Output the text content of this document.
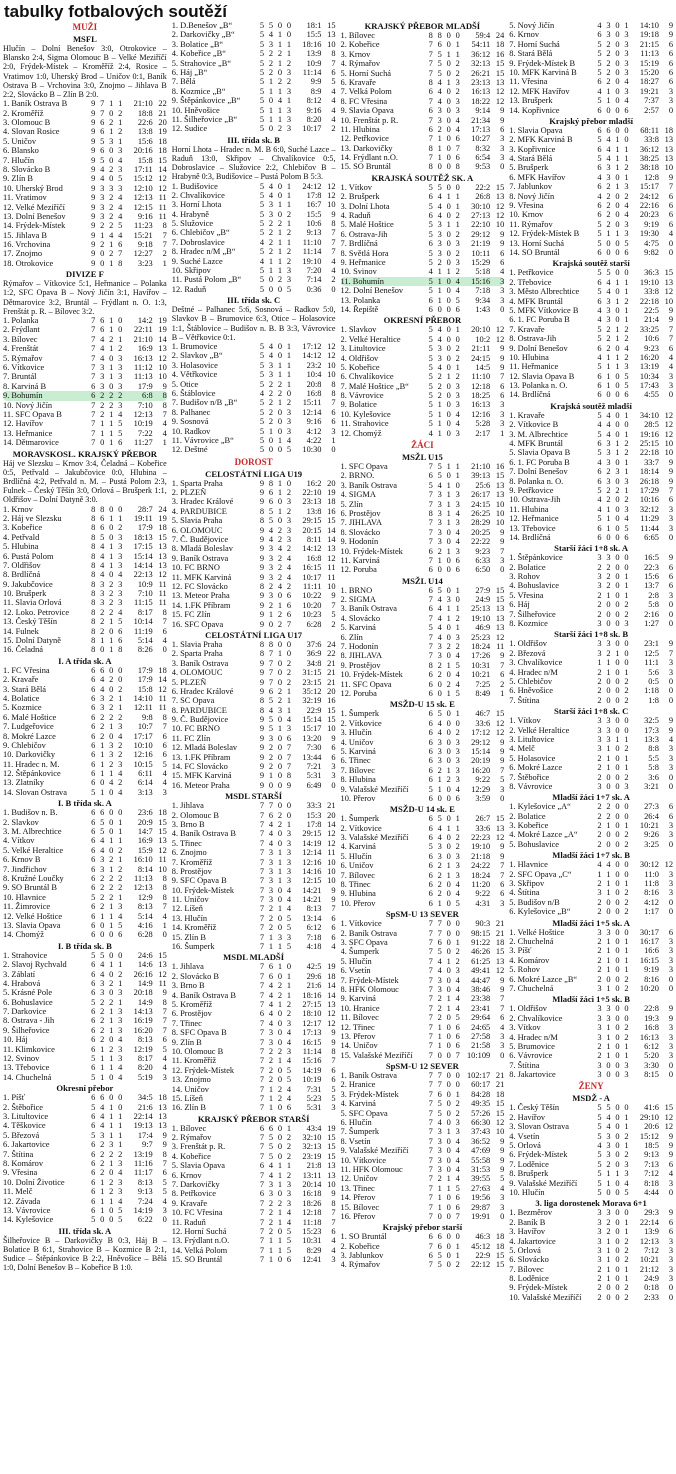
tabulky fotbalových soutěží
MUŽI
MSFL
Hlučín – Dolní Benešov 3:0, Otrokovice – Blansko 2:4, Sigma Olomouc B – Velké Meziříčí 2:0, Frýdek-Místek – Kroměříž 2:4, Rosice – Vratimov 1:0, Uherský Brod – Uničov 0:1, Baník Ostrava B – Vrchovina 3:0, Znojmo – Jihlava B 2:2, Slovácko B – Zlín B 2:0.
1. Baník Ostrava B	9 7 1 1	21:10 22
2. Kroměříž	9 7 0 2	18:8 21
3. Olomouc B	9 6 2 1	22:6 20
4. Slovan Rosice	9 6 1 2	13:8 19
5. Uničov	9 5 3 1	15:6 18
6. Blansko	9 6 0 3	20:16 18
7. Hlučín	9 5 0 4	15:8 15
8. Slovácko B	9 4 2 3	17:11 14
9. Zlín B	9 4 0 5	15:12 12
10. Uherský Brod	9 3 3 3	12:10 12
11. Vratimov	9 3 2 4	12:13 11
12. Velké Meziříčí	9 3 2 4	12:15 11
13. Dolní Benešov	9 3 2 4	9:16 11
14. Frýdek-Místek	9 2 2 5	11:23	8
15. Jihlava B	9 1 4 4	15:21	7
16. Vrchovina	9 2 1 6	9:18	7
17. Znojmo	9 0 2 7	12:27	2
18. Otrokovice	9 0 1 8	3:23	1
DIVIZE F
Rýmařov – Vítkovice 5:1, Heřmanice – Polanka 1:2, SFC Opava B – Nový Jičín 3:1, Havířov – Dětmarovice 3:2, Bruntál – Frýdlant n. O. 1:3, Frenštát p. R. – Bílovec 3:2.
1. Polanka	7 6 1 0	14:2 19
2. Frýdlant	7 6 1 0	22:11 19
3. Bílovec	7 4 2 1	21:10 14
4. Frenštát	7 4 1 2	16:9 13
5. Rýmařov	7 4 0 3	16:13 12
6. Vítkovice	7 3 1 3	11:12 10
7. Bruntál	7 3 1 3	11:13 10
8. Karviná B	6 3 0 3	17:9	9
9. Bohumín	6 2 2 2	6:8	8
10. Nový Jičín	7 2 2 3	7:10	8
11. SFC Opava B	7 2 1 4	12:13	7
12. Havířov	7 1 1 5	10:19	4
13. Heřmanice	7 1 1 5	7:22	4
14. Dětmarovice	7 0 1 6	11:27	1
MORAVSKOSL. KRAJSKÝ PŘEBOR
Háj ve Slezsku – Krnov 3:4, Čeladná – Kobeřice 0:5, Petřvald – Jakubčovice 0:0, Hlubina – Brdlíčná 4:2, Petřvald n. M. – Pustá Polom 2:3, Fulnek – Český Těšín 3:0, Orlová – Brušperk 1:1, Oldřišov – Dolní Datyně 3:0.
1. Krnov	8 8 0 0	28:7 24
2. Háj ve Slezsku	8 6 1 1	19:11 19
3. Kobeřice	8 6 0 2	17:9 18
4. Petřvald	8 5 0 3	18:13 15
5. Hlubina	8 4 1 3	17:15 13
6. Pustá Polom	8 4 1 3	15:14 13
7. Oldřišov	8 4 1 3	14:14 13
8. Brdlíčná	8 4 0 4	22:13 12
9. Jakubčovice	8 3 2 3	10:9 11
10. Brušperk	8 3 2 3	7:10 11
11. Slavia Orlová	8 3 2 3	11:15 11
12. Loko. Petrovice	8 2 2 4	8:17	8
13. Český Těšín	8 2 1 5	10:14	7
14. Fulnek	8 2 0 6	11:19	6
15. Dolní Datyně	8 1 1 6	5:14	4
16. Čeladná	8 0 1 8	8:26	0
I. A třída sk. A
1. FC Vřesina	6 6 0 0	17:9 18
2. Kravaře	6 4 2 0	17:9 14
3. Stará Bělá	6 4 0 2	15:8 12
4. Bolatice	6 3 2 1	14:10 11
5. Kozmice	6 3 2 1	12:11 11
6. Malé Hoštice	6 2 2 2	9:8	8
7. Ludgeřovice	6 2 1 3	10:7	7
8. Mokré Lazce	6 2 0 4	17:17	6
9. Chlebičov	6 1 3 2	10:10	6
10. Darkovičky	6 1 3 2	12:16	6
11. Hradec n. M.	6 1 2 3	10:15	5
12. Štěpánkovice	6 1 1 4	6:11	4
13. Zlatníky	6 0 4 2	6:14	4
14. Slovan Ostrava	5 1 0 4	3:13	3
I. B třída sk. A
1. Budišov n. B.	6 6 0 0	23:6 18
2. Slavkov	6 5 0 1	20:9 15
3. M. Albrechtice	6 5 0 1	14:7 15
4. Vítkov	6 4 1 1	16:9 13
5. Velké Heraltice	6 4 0 2	15:9 12
6. Krnov B	6 3 2 1	16:10 11
7. Jindřichov	6 3 1 2	8:14 10
8. Kružné Loučky	6 2 2 2	11:13	8
9. SO Bruntál B	6 2 2 2	12:13	8
10. Hlavnice	5 2 2 1	12:9	8
11. Žimrovice	6 2 1 3	8:13	7
12. Velké Hoštice	6 1 1 4	5:14	4
13. Slavia Opava	6 0 1 5	4:16	1
14. Chomýž	6 0 0 6	6:28	0
I. B třída sk. B
1. Strahovice	5 5 0 0	24:6 15
2. Slavoj Rychvald	6 4 1 1	14:6 13
3. Záblatí	6 4 0 2	26:16 12
4. Hrabová	6 3 2 1	14:9 11
5. Krásné Pole	6 3 0 3	20:18	9
6. Bohuslavice	5 2 2 1	14:9	8
7. Darkovice	6 2 1 3	14:13	7
8. Ostrava - Jih	6 2 1 3	16:19	7
9. Šilheřovice	6 2 1 3	16:20	7
10. Háj	6 2 0 4	8:13	6
11. Klimkovice	6 1 2 3	12:19	5
12. Svinov	5 1 1 3	8:17	4
13. Třebovice	6 1 1 4	8:20	4
14. Chuchelná	5 1 0 4	5:19	3
Okresní přebor
1. Píšť	6 6 0 0	34:5 18
2. Štěbořice	5 4 1 0	21:6 13
3. Litultovice	6 4 1 1	22:14 13
4. Těškovice	6 4 1 1	19:13 13
5. Březová	5 3 1 1	17:4	9
6. Jakartovice	6 2 3 1	9:7	9
7. Štítina	6 2 2 2	13:19	8
8. Komárov	6 2 1 3	11:16	7
9. Vřesina	6 2 0 4	11:17	6
10. Dolní Životice	6 1 2 3	8:13	5
11. Melč	6 1 2 3	9:13	5
12. Závada	6 1 1 4	7:24	4
13. Vávrovice	6 1 0 5	14:19	3
14. Kylešovice	5 0 0 5	6:22	0
III. třída sk. A
Šilheřovice B – Darkovičky B 0:3, Háj B – Bolatice B 6:1, Strahovice B – Kozmice B 2:1, Sudice – Štěpánkovice B 2:2, Hněvošice – Bělá 1:0, Dolní Benešov B – Kobeřice B 1:0.
1. D.Benešov „B“	5 5 0 0	18:1 15
2. Darkovičky „B“	5 4 1 0	15:5 13
3. Bolatice „B“	5 3 1 1	18:16 10
4. Kobeřice „B“	5 2 2 1	13:9	8
5. Strahovice „B“	5 2 1 2	10:9	7
6. Háj „B“	5 2 0 3	11:14	6
7. Bělá	5 1 2 2	9:9	5
8. Kozmice „B“	5 1 1 3	8:9	4
9. Štěpánkovice „B“	5 0 4 1	8:12	4
10. Hněvošice	5 1 1 3	9:16	4
11. Šilheřovice „B“	5 1 1 3	8:20	4
12. Sudice	5 0 2 3	10:17	2
III. třída sk. B
Horní Lhota – Hradec n. M. B 6:0, Suché Lazce – Raduň 13:0, Skřipov – Chvalíkovice 0:5, Dobroslavice – Služovice 2:2, Chlebičov B – Hrabyně 0:3, Budišovice – Pustá Polom B 5:3.
1. Budišovice	5 4 0 1	24:12 12
2. Chvalíkovice	5 4 0 1	17:8 12
3. Horní Lhota	5 3 1 1	16:7 10
4. Hrabyně	5 3 0 2	15:5	9
5. Služovice	5 2 2 1	10:6	8
6. Chlebičov „B“	5 2 1 2	9:13	7
7. Dobroslavice	4 2 1 1	11:10	7
8. Hradec n/M „B“	5 2 1 2	11:14	7
9. Suché Lazce	4 1 1 2	19:10	4
10. Skřipov	5 1 1 3	7:20	4
11. Pustá Polom „B“	5 0 2 3	7:14	2
12. Raduň	5 0 0 5	0:36	0
III. třída sk. C
Deštné – Palhanec 5:6, Sosnová – Radkov 5:0, Slavkov B – Brumovice 6:3, Otice – Holasovice 1:1, Štáblovice – Budišov n. B. B 3:3, Vávrovice B – Větřkovice 0:1.
1. Brumovice	5 4 0 1	17:12 12
2. Slavkov „B“	5 4 0 1	14:12 12
3. Holasovice	5 3 1 1	23:2 10
4. Větřkovice	5 3 1 1	10:4 10
5. Otice	5 2 2 1	20:8	8
6. Štáblovice	4 2 2 0	16:8	8
7. Budišov n/B „B“	5 2 1 2	15:11	7
8. Palhanec	5 2 0 3	12:14	6
9. Sosnová	5 2 0 3	9:16	6
10. Radkov	5 1 0 3	4:12	3
11. Vávrovice „B“	5 0 1 4	4:22	1
12. Deštné	5 0 0 5	10:30	0
DOROST
CELOSTÁTNÍ LIGA U19
1. Sparta Praha	9 8 1 0	16:2 20
2. PLZEŇ	9 6 1 2	22:10 19
3. Hradec Králové	9 6 0 3	23:13 18
4. PARDUBICE	8 5 1 2	13:8 16
5. Slavia Praha	8 5 0 3	29:15 15
6. OLOMOUC	9 4 2 3	20:15 14
7. Č. Budějovice	9 4 2 3	8:11 14
8. Mladá Boleslav	9 3 4 2	14:12 13
9. Baník Ostrava	9 3 2 4	16:8 12
10. FC BRNO	9 3 2 4	16:15 11
11. MFK Karviná	9 3 2 4	10:17 11
12. FC Slovácko	8 2 4 2	11:11 10
13. Meteor Praha	9 3 0 6	10:22	9
14. 1.FK Příbram	9 2 1 6	10:20	7
15. FC Zlín	9 1 2 6	10:23	5
16. SFC Opava	9 0 2 7	6:28	2
CELOSTÁTNÍ LIGA U17
1. Slavia Praha	8 8 0 0	37:6 24
2. Sparta Praha	8 7 1 0	36:9 22
3. Baník Ostrava	9 7 0 2	34:8 21
4. OLOMOUC	9 7 0 2	31:15 21
5. PLZEŇ	9 7 0 2	23:15 21
6. Hradec Králové	9 6 2 1	35:12 20
7. SC Opava	8 5 2 1	32:19 16
8. PARDUBICE	8 4 3 1	22:9 15
9. Č. Budějovice	9 5 0 4	15:14 15
10. FC BRNO	9 5 1 3	15:17 10
11. FC Zlín	9 3 0 6	13:20	9
12. Mladá Boleslav	9 2 0 7	7:30	6
13. 1.FK Příbram	9 2 0 7	13:44	6
14. FC Slovácko	9 2 0 7	7:21	3
15. MFK Karviná	9 1 0 8	5:31	3
16. Meteor Praha	9 0 0 9	6:49	0
MSDL STARŠÍ
1. Jihlava	7 7 0 0	33:3 21
2. Olomouc B	7 6 2 0	15:3 20
3. Brno B	7 4 2 1	17:8 14
4. Baník Ostrava B	7 4 0 3	29:15 12
5. Třinec	7 4 0 3	14:19 12
6. Znojmo	7 3 1 3	12:14 11
7. Kroměříž	7 3 1 3	12:16 10
8. Prostějov	7 3 1 3	14:16 10
9. SFC Opava B	7 3 1 3	12:15 10
10. Frýdek-Místek	7 3 0 4	14:21	9
11. Uničov	7 3 0 4	14:21	9
12. Líšeň	7 2 1 4	8:13	7
13. Hlučín	7 2 0 5	13:14	6
14. Kroměříž	7 2 0 5	6:12	6
15. Zlín B	7 1 3 3	7:18	6
16. Šumperk	7 1 1 5	4:18	4
MSDL MLADŠÍ
1. Jihlava	7 6 1 0	42:5 19
2. Slovácko B	7 6 0 1	29:6 18
3. Brno B	7 4 2 1	21:6 14
4. Baník Ostrava B	7 4 2 1	18:16 14
5. Kroměříž	7 4 1 2	27:15 13
6. Prostějov	6 4 0 2	18:10 12
7. Třinec	7 4 0 3	12:17 12
8. SFC Opava B	7 3 0 4	17:13	9
9. Zlín B	7 3 0 4	16:15	9
10. Olomouc B	7 2 2 3	11:14	8
11. Kroměříž	7 2 1 4	15:16	7
12. Frýdek-Místek	7 2 0 5	14:19	6
13. Znojmo	7 2 0 5	10:19	6
14. Uničov	7 1 2 4	7:31	5
15. Líšeň	7 1 2 4	5:23	5
16. Zlín B	7 1 0 6	5:31	3
KRAJSKÝ PŘEBOR STARŠÍ
1. Bílovec	6 6 0 1	43:4 19
2. Rýmařov	7 5 0 2	32:10 15
3. Frenštát p. R.	7 5 0 2	32:13 15
4. Kobeřice	7 5 0 2	23:19 15
5. Slavia Opava	6 4 1 1	21:8 13
6. Krnov	7 4 1 2	13:11 13
7. Darkovičky	7 3 1 3	20:14 10
8. Petřkovice	6 3 0 3	16:18	9
9. Kravaře	7 2 2 3	18:26	8
10. FC Vřesina	7 2 1 4	12:18	7
11. Raduň	7 2 1 4	11:18	7
12. Horní Suchá	7 2 0 5	15:23	6
13. Frýdlant n.O.	7 1 1 5	10:31	4
14. Velká Polom	7 1 1 5	8:29	4
15. SO Bruntál	7 1 0 6	12:41	3
KRAJSKÝ PŘEBOR MLADŠÍ
1. Bílovec	8 8 0 0	59:4 24
2. Kobeřice	7 6 0 1	54:11 18
3. Krnov	7 5 1 1	36:12 16
4. Rýmařov	7 5 0 2	32:13 15
5. Horní Suchá	7 5 0 2	26:21 15
6. Kravaře	8 4 1 3	23:13 13
7. Velká Polom	6 4 0 2	16:13 12
8. FC Vřesina	7 4 0 3	18:22 12
9. Slavia Opava	6 3 0 3	9:14	9
10. Frenštát p. R.	7 3 0 4	21:34	9
11. Hlubina	6 2 0 4	17:13	6
12. Petřkovice	7 1 0 6	10:27	3
13. Darkovičky	8 1 0 7	8:32	3
14. Frýdlant n.O.	7 1 0 6	6:54	3
15. SO Bruntál	8 0 0 8	9:53	0
KRAJSKÁ SOUTĚŽ SK. A
1. Vítkov	5 5 0 0	22:2 15
2. Brušperk	6 4 1 1	26:8 13
3. Dolní Lhota	5 4 0 1	30:10 12
4. Raduň	6 4 0 2	27:13 12
5. Malé Hoštice	5 3 1 1	22:10 10
6. Ostrava-Jih	5 3 0 2	29:12	9
7. Brdlíčná	6 3 0 3	21:19	9
8. Světlá Hora	5 3 0 2	10:11	6
9. Heřmanice	5 2 0 3	15:29	6
10. Svinov	4 1 1 2	5:18	4
11. Bohumín	5 1 0 4	15:16	3
12. Dolní Benešov	5 1 0 4	7:18	3
13. Polanka	6 1 0 5	9:34	3
14. Řepiště	6 0 0 6	1:43	0
OKRESNÍ PŘEBOR
1. Slavkov	5 4 0 1	20:10 12
2. Velké Heraltice	5 4 0 0	10:2 12
3. Litultovice	5 3 0 2	21:11	9
4. Oldřišov	5 3 0 2	24:15	9
5. Kobeřice	5 4 0 1	14:5	9
6. Chvalíkovice	5 2 1 2	11:10	7
7. Malé Hoštice „B“	5 2 0 3	12:18	6
8. Vávrovice	5 2 0 3	18:25	6
9. Bolatice	5 1 0 3	16:13	3
10. Kylešovice	5 1 0 4	12:16	3
11. Strahovice	5 1 0 4	5:28	3
12. Chomýž	4 1 0 3	2:17	1
ŽÁCI
MSŽL U15
1. SFC Opava	7 5 1 1	21:10 16
2. BRNO.	6 5 0 1	39:13 15
3. Baník Ostrava	5 4 1 0	25:6 13
4. SIGMA	7 3 1 3	26:17 13
5. Zlín	7 3 1 3	24:15 10
6. Prostějov	8 3 1 4	26:25 10
7. JIHLAVA	7 3 1 3	28:29 10
8. Slovácko	7 3 0 4	20:25	9
9. Hodonín	7 3 0 4	22:22	9
10. Frýdek-Místek	6 2 1 3	9:23	7
11. Karviná	7 1 0 6	6:33	3
12. Poruba	6 0 0 6	6:50	0
MSŽL U14
1. BRNO	6 5 0 1	27:9 15
2. SIGMA	7 4 3 0	24:9 15
3. Baník Ostrava	6 4 1 1	25:13 13
4. Slovácko	7 4 1 2	19:10 13
5. Karviná	5 4 0 1	46:9 13
6. Zlín	7 4 0 3	25:23 12
7. Hodonín	7 3 2 2	18:24 11
8. JIHLAVA	7 3 0 4	17:26	9
9. Prostějov	8 2 1 5	10:31	7
10. Frýdek-Místek	6 2 0 4	10:21	6
11. SFC Opava	6 0 2 4	7:25	2
12. Poruba	6 0 1 5	8:49	1
MSŽD-U 15 sk. E
1. Šumperk	6 5 0 1	46:7 15
2. Vítkovice	6 4 0 0	33:6 12
3. Hlučín	6 4 0 2	17:12 12
4. Uničov	6 3 0 3	29:12	9
5. Karviná	6 3 0 3	15:14	9
6. Třinec	6 3 0 3	20:19	9
7. Bílovec	6 2 1 3	16:20	7
8. Hlubina	6 1 2 3	9:22	5
9. Valašské Meziříčí	5 1 0 4	12:29	3
10. Přerov	6 0 0 6	3:59	0
MSŽD-U 14 sk. E
1. Šumperk	6 5 0 1	26:7 15
2. Vítkovice	6 4 1 1	33:6 13
3. Valašské Meziříčí	6 4 0 2	22:23 12
4. Karviná	5 3 0 2	19:10	9
5. Hlučín	6 3 0 3	21:18	9
6. Uničov	6 2 1 3	24:22	7
7. Bílovec	6 2 1 3	18:24	7
8. Třinec	6 2 0 4	11:20	6
9. Hlubina	6 2 0 4	9:22	6
10. Přerov	6 1 0 5	4:31	3
SpSM-U 13 SEVER
1. Vítkovice	7 7 0 0	90:3 21
2. Baník Ostrava	7 7 0 0	98:15 21
3. SFC Opava	7 6 0 1	91:22 18
4. Šumperk	7 5 0 2	46:26 15
5. Hlučín	7 4 1 2	61:25 13
6. Vsetín	7 4 0 3	49:41 12
7. Frýdek-Místek	7 3 0 4	44:47	9
8. HFK Olomouc	7 3 0 4	38:46	9
9. Karviná	7 2 1 4	23:38	7
10. Hranice	7 2 1 4	23:41	7
11. Bílovec	7 2 0 5	29:64	6
12. Třinec	7 1 0 6	24:65	4
13. Přerov	7 1 0 6	27:58	3
14. Uničov	7 1 0 6	21:58	3
15. Valašské Meziříčí	7 0 0 7 10:109	0
SpSM-U 12 SEVER
1. Baník Ostrava	7 7 0 0 102:17 21
2. Hranice	7 7 0 0	60:17 21
3. Frýdek-Místek	7 6 0 1	84:28 18
4. Karviná	7 5 0 2	49:35 15
5. SFC Opava	7 5 0 2	57:26 15
6. Hlučín	7 4 0 3	66:30 12
7. Šumperk	7 3 1 3	37:43 10
8. Vsetín	7 3 0 4	36:52	9
9. Valašské Meziříčí	7 3 0 4	47:69	9
10. Vítkovice	7 3 0 4	55:58	9
11. HFK Olomouc	7 3 0 4	31:53	9
12. Uničov	7 2 1 4	39:55	5
13. Třinec	7 1 1 5	27:63	4
14. Přerov	7 1 0 6	19:56	3
15. Bílovec	7 1 0 6	29:87	3
16. Přerov	7 0 0 7	19:91	0
Krajský přebor starší
1. SO Bruntál	6 6 0 0	46:3 18
2. Kobeřice	7 6 0 1	45:12 18
3. Jablunkov	6 5 0 1	22:9 15
4. Rýmařov	7 5 0 2	22:12 15
5. Nový Jičín	4 3 0 1	14:10	9
6. Krnov	6 3 0 3	19:18	9
7. Horní Suchá	5 2 0 3	21:15	6
8. Stará Bělá	5 2 0 3	11:13	6
9. Frýdek-Místek B	5 2 0 3	15:19	6
10. MFK Karviná B	5 2 0 3	15:20	6
11. Vřesina	6 2 0 4	18:27	6
12. MFK Havířov	4 1 0 3	19:21	3
13. Brušperk	5 1 0 4	7:37	3
14. Kopřivnice	6 0 0 6	2:57	0
Krajský přebor mladší
1. Slavia Opava	6 6 0 0	68:11 18
2. MFK Karviná B	5 4 1 0	33:8 13
3. Kopřivnice	6 4 1 1	36:12 13
4. Stará Bělá	5 4 1 1	38:25 13
5. Brušperk	6 3 1 2	38:18 10
6. MFK Havířov	4 3 0 1	12:8	9
7. Jablunkov	6 2 1 3	15:17	7
8. Nový Jičín	4 2 0 2	24:12	6
9. Vřesina	6 2 0 4	22:16	6
10. Krnov	6 2 0 4	20:23	6
11. Rýmařov	5 2 0 3	9:19	6
12. Frýdek-Místek B	5 1 1 3	19:30	4
13. Horní Suchá	5 0 0 5	4:75	0
14. SO Bruntál	6 0 0 6	9:82	0
Krajská soutěž starší
1. Petřkovice	5 5 0 0	36:3 15
2. Třebovice	6 4 1 1	19:10 13
3. Město Albrechtice	5 4 0 1	33:8 12
4. MFK Bruntál	6 3 1 2	22:18 10
5. MFK Vítkovice B	4 3 0 1	22:5	9
6. 1. FC Poruba B	4 3 0 1	21:4	9
7. Kravaře	5 2 1 2	33:25	7
8. Ostrava-Jih	5 2 1 2	10:6	7
9. Dolní Benešov	6 2 0 4	9:23	6
10. Hlubina	4 1 1 2	16:20	4
11. Heřmanice	5 1 1 3	13:19	4
12. Slavia Opava B	6 1 0 5	10:34	3
13. Polanka n. O.	6 1 0 5	17:43	3
14. Brdlíčná	6 0 0 6	4:55	0
Krajská soutěž mladší
1. Kravaře	5 4 0 1	34:10 12
2. Vítkovice B	4 4 0 0	28:5 12
3. M. Albrechtice	5 4 0 1	19:16 12
4. MFK Bruntál	6 3 1 2	25:15 10
5. Slavia Opava B	5 3 1 2	22:18 10
6. 1. FC Poruba B	4 3 0 1	33:7	9
7. Dolní Benešov	6 2 3 1	18:14	9
8. Polanka n. O.	6 3 0 3	26:18	9
9. Petřkovice	5 2 2 1	17:29	7
10. Ostrava-Jih	4 2 0 2	10:16	6
11. Hlubina	4 1 0 3	32:12	3
12. Heřmanice	5 1 0 4	11:29	3
13. Třebovice	6 1 0 5	11:44	3
14. Brdlíčná	6 0 0 6	6:65	0
Starší žáci 1+8 sk. A
1. Štěpánkovice	3 3 0 0	16:5	9
2. Bolatice	2 2 0 0	22:3	6
3. Rohov	3 2 0 1	15:6	6
4. Bohuslavice	3 2 0 1	13:7	6
5. Vřesina	2 1 0 1	2:8	3
6. Háj	2 0 0 2	5:8	0
7. Šilheřovice	2 0 0 2	2:16	0
8. Kozmice	3 0 0 3	1:27	0
Starší žáci 1+8 sk. B
1. Oldřišov	3 3 0 0	23:1	9
2. Březová	3 2 1 0	12:5	7
3. Chvalíkovice	1 1 0 0	11:1	3
4. Hradec n/M	2 1 0 1	5:6	3
5. Chlebičov	2 0 0 2	0:5	0
6. Hněvošice	2 0 0 2	1:18	0
7. Štítina	2 0 0 2	1:8	0
Starší žáci 1+8 sk. C
1. Vítkov	3 3 0 0	32:5	9
2. Velké Heraltice	3 3 0 0	17:3	9
3. Litultovice	3 3 1 1	13:3	4
4. Melč	3 1 0 2	8:8	3
5. Holasovice	2 1 0 1	5:5	3
6. Mokré Lazce	2 1 0 1	5:8	3
7. Štěbořice	2 0 0 2	3:6	0
8. Vávrovice	3 0 0 3	3:21	0
Mladší žáci 1+7 sk. A
1. Kylešovice „A“	2 2 0 0	27:3	6
2. Bolatice	2 2 0 0	26:4	6
3. Kobeřice	2 1 0 1	10:21	3
4. Mokré Lazce „A“	2 0 0 2	9:26	3
5. Bohuslavice	2 0 0 2	3:25	0
Mladší žáci 1+7 sk. B
1. Hlavnice	4 4 0 0	30:12 12
2. SFC Opava „C“	1 1 0 0	11:0	3
3. Skřipov	2 1 0 1	11:8	3
4. Štítina	3 1 0 2	8:16	3
5. Budišov n/B	2 0 0 2	4:12	0
6. Kylešovice „B“	2 0 0 2	1:17	0
Mladší žáci 1+5 sk. A
1. Velké Hoštice	3 3 0 0	30:17	6
2. Chuchelná	2 1 0 1	16:17	3
3. Píšť	2 1 0 1	16:6	3
4. Komárov	2 1 0 1	16:15	3
5. Rohov	2 1 0 1	9:19	3
6. Mokré Lazce „B“	2 0 0 2	8:16	0
7. Chuchelná	3 1 0 2	10:20	0
Mladší žáci 1+5 sk. B
1. Oldřišov	3 3 0 0	22:8	9
2. Chvalíkovice	3 3 0 0	19:3	9
3. Vítkov	3 1 0 2	16:8	3
4. Hradec n/M	3 1 0 2	16:13	3
5. Brumovice	2 1 0 1	6:12	3
6. Vávrovice	2 1 0 1	5:20	3
7. Štítina	3 0 0 3	3:30	0
8. Jakartovice	3 0 0 3	8:15	0
ŽENY
MSDŽ - A
1. Český Těšín	5 5 0 0	41:6 15
2. Havířov	5 4 0 1	29:10 12
3. Slovan Ostrava	5 4 0 1	20:6 12
4. Vsetín	5 3 0 2	15:12	9
5. Orlová	4 3 0 1	18:5	9
6. Frýdek-Místek	5 3 0 2	9:13	9
7. Loděnice	5 2 0 3	7:13	6
8. Brušperk	5 1 1 3	7:12	4
9. Valašské Meziříčí	5 1 0 4	8:18	3
10. Hlučín	5 0 0 5	4:44	0
3. liga dorostenek Morava 6+1
1. Bezměrov	3 3 0 0	29:3	9
2. Baník B	3 2 0 1	22:14	6
3. Havířov	3 2 0 1	13:9	6
4. Jakartovice	3 1 0 2	12:13	3
5. Orlová	3 1 0 2	7:12	3
6. Slovácko	3 1 0 2	10:21	3
7. Bílovec	2 1 0 1	21:12	3
8. Loděnice	2 1 0 1	24:9	3
9. Frýdek-Místek	2 0 0 2	0:18	0
10. Valašské Meziříčí	2 0 0 2	2:33	0
